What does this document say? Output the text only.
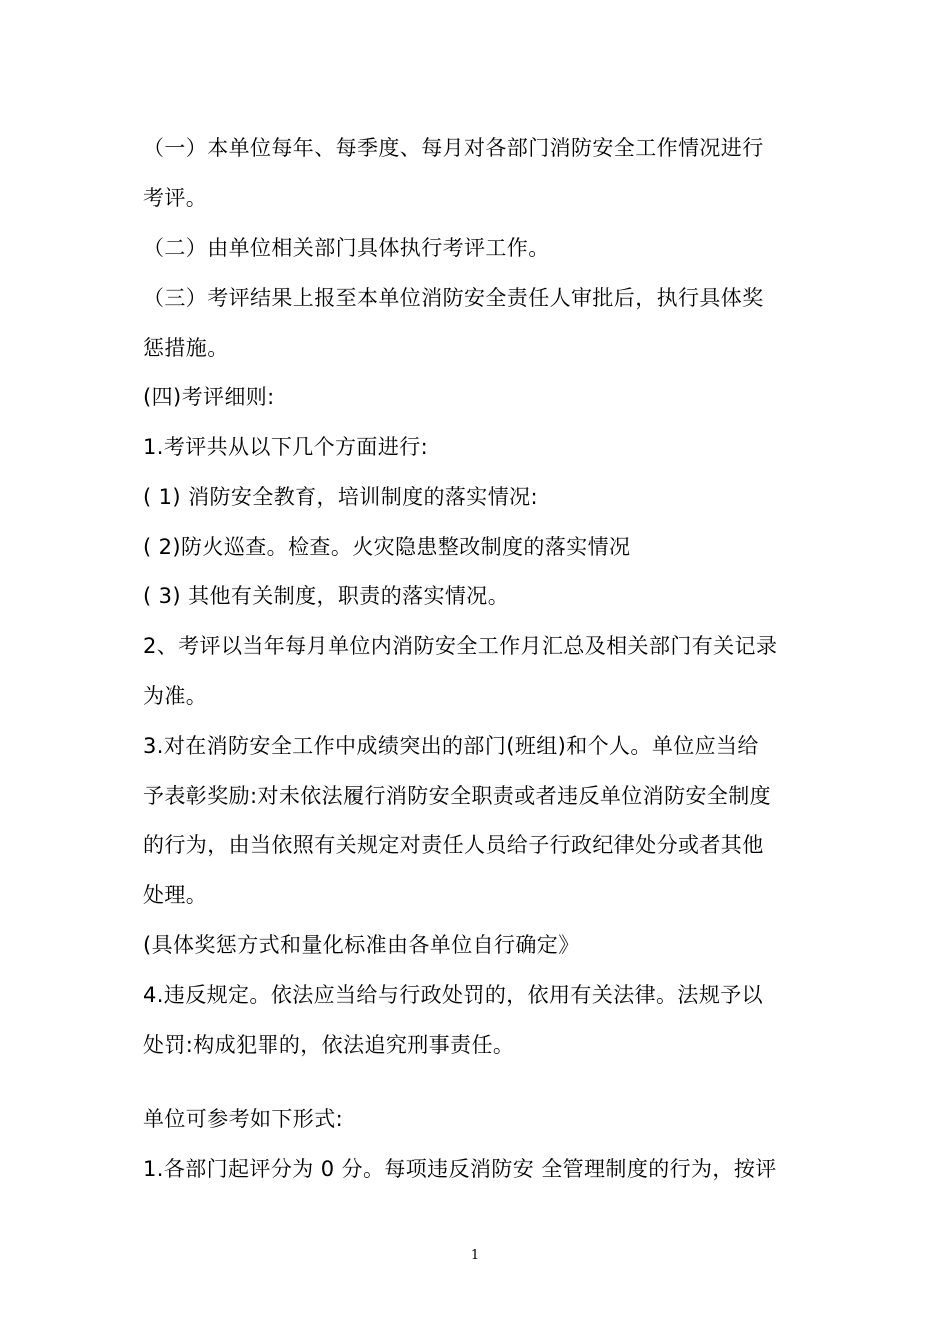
（一）本单位每年、每季度、每月对各部门消防安全工作情况进行
考评。
（二）由单位相关部门具体执行考评工作。
（三）考评结果上报至本单位消防安全责任人审批后，执行具体奖
惩措施。
(四)考评细则:
1.考评共从以下几个方面进行:
( 1) 消防安全教育，培训制度的落实情况:
( 2)防火巡查。检查。火灾隐患整改制度的落实情况
( 3) 其他有关制度，职责的落实情况。
2、考评以当年每月单位内消防安全工作月汇总及相关部门有关记录
为准。
3.对在消防安全工作中成绩突出的部门(班组)和个人。单位应当给
予表彰奖励:对未依法履行消防安全职责或者违反单位消防安全制度
的行为，由当依照有关规定对责任人员给子行政纪律处分或者其他
处理。
(具体奖惩方式和量化标准由各单位自行确定》
4.违反规定。依法应当给与行政处罚的，依用有关法律。法规予以
处罚:构成犯罪的，依法追究刑事责任。
单位可参考如下形式:
1.各部门起评分为 0 分。每项违反消防安 全管理制度的行为，按评
1
